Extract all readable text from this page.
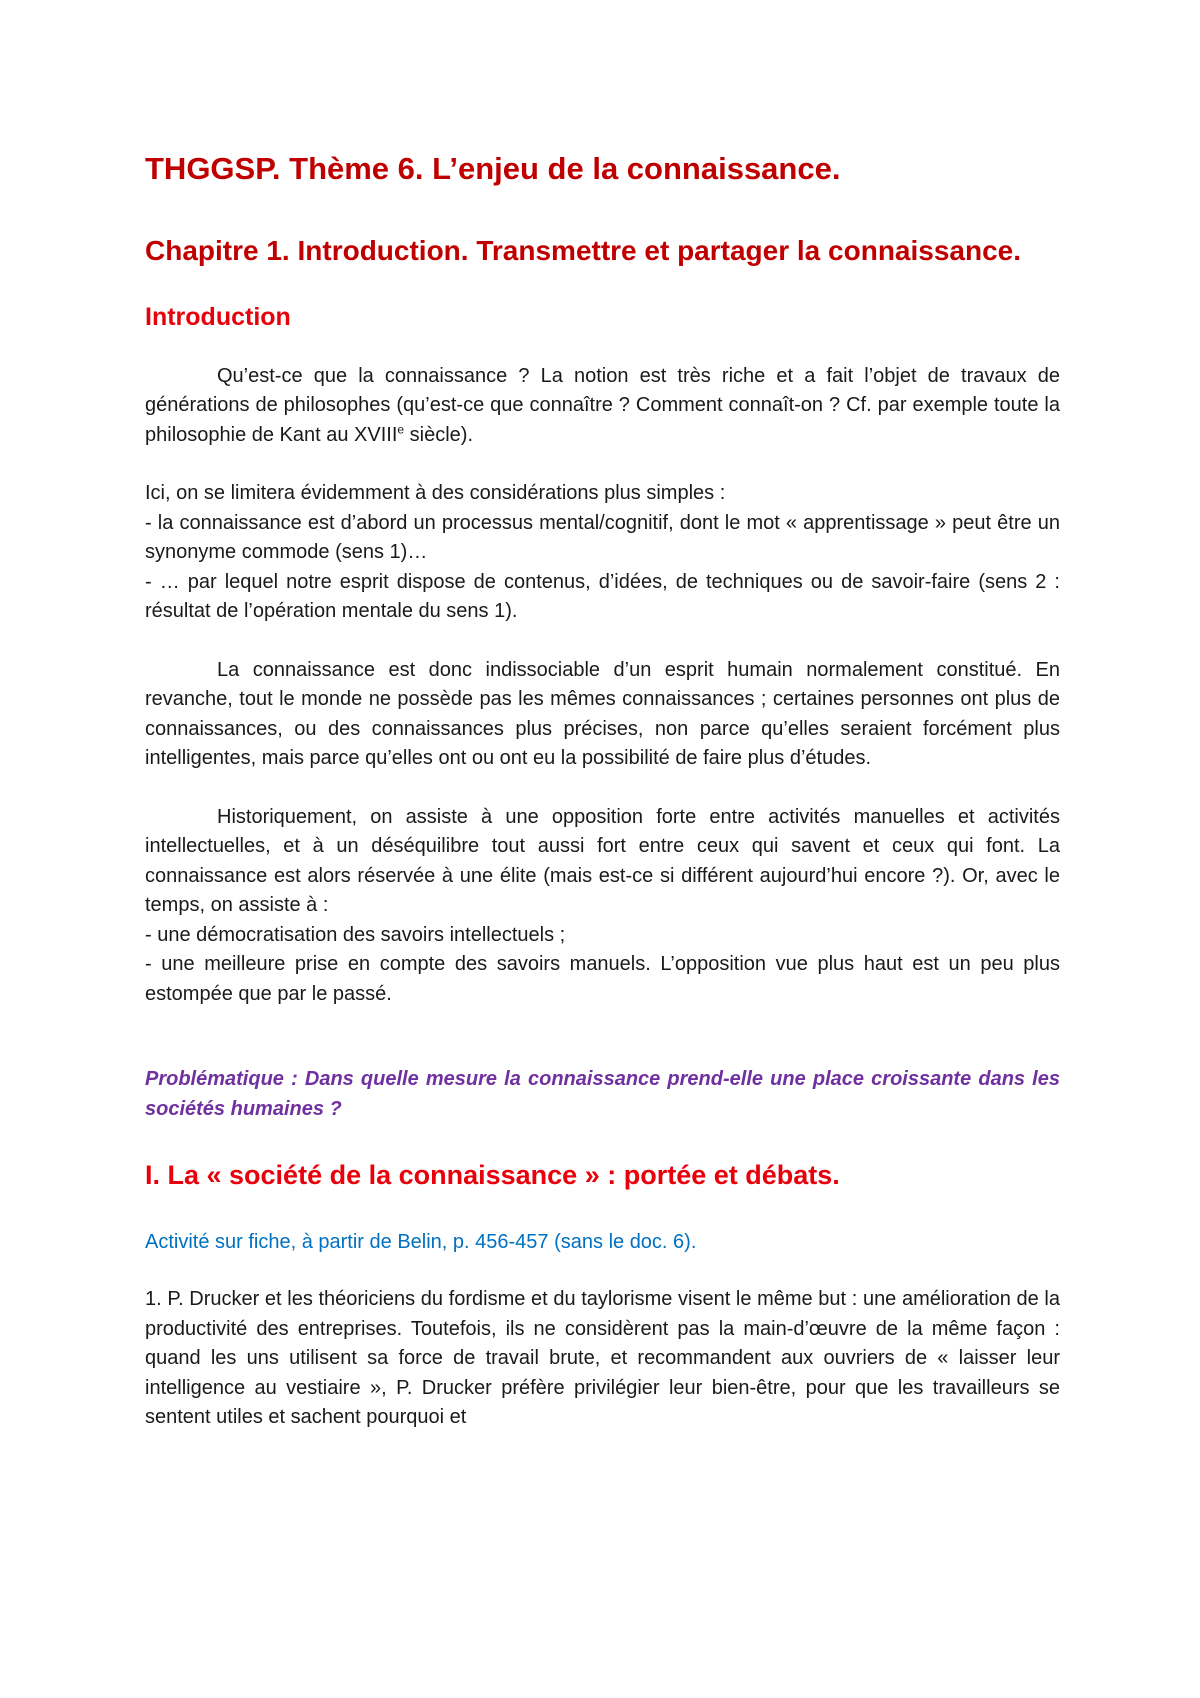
THGGSP. Thème 6. L’enjeu de la connaissance.
Chapitre 1. Introduction. Transmettre et partager la connaissance.
Introduction

Qu’est-ce que la connaissance ? La notion est très riche et a fait l’objet de travaux de générations de philosophes (qu’est-ce que connaître ? Comment connaît-on ? Cf. par exemple toute la philosophie de Kant au XVIIIe siècle).

Ici, on se limitera évidemment à des considérations plus simples :
- la connaissance est d’abord un processus mental/cognitif, dont le mot « apprentissage » peut être un synonyme commode (sens 1)…
- … par lequel notre esprit dispose de contenus, d’idées, de techniques ou de savoir-faire (sens 2 : résultat de l’opération mentale du sens 1).

La connaissance est donc indissociable d’un esprit humain normalement constitué. En revanche, tout le monde ne possède pas les mêmes connaissances ; certaines personnes ont plus de connaissances, ou des connaissances plus précises, non parce qu’elles seraient forcément plus intelligentes, mais parce qu’elles ont ou ont eu la possibilité de faire plus d’études.

Historiquement, on assiste à une opposition forte entre activités manuelles et activités intellectuelles, et à un déséquilibre tout aussi fort entre ceux qui savent et ceux qui font. La connaissance est alors réservée à une élite (mais est-ce si différent aujourd’hui encore ?). Or, avec le temps, on assiste à :
- une démocratisation des savoirs intellectuels ;
- une meilleure prise en compte des savoirs manuels. L’opposition vue plus haut est un peu plus estompée que par le passé.

Problématique : Dans quelle mesure la connaissance prend-elle une place croissante dans les sociétés humaines ?

I. La « société de la connaissance » : portée et débats.
Activité sur fiche, à partir de Belin, p. 456-457 (sans le doc. 6).

1. P. Drucker et les théoriciens du fordisme et du taylorisme visent le même but : une amélioration de la productivité des entreprises. Toutefois, ils ne considèrent pas la main-d’œuvre de la même façon : quand les uns utilisent sa force de travail brute, et recommandent aux ouvriers de « laisser leur intelligence au vestiaire », P. Drucker préfère privilégier leur bien-être, pour que les travailleurs se sentent utiles et sachent pourquoi et
